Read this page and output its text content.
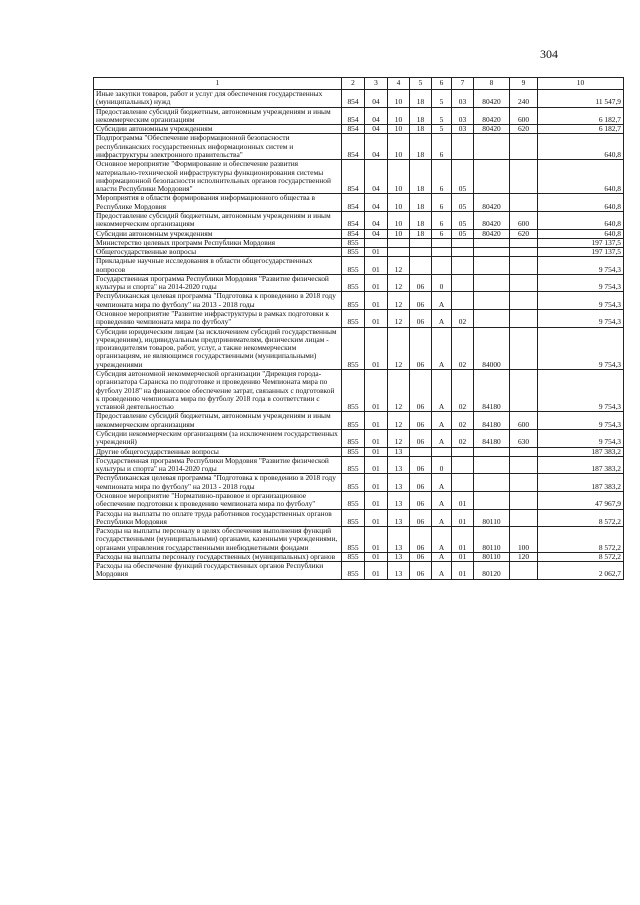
304
1	2	3	4	5	6	7	8	9	10
Иные закупки товаров, работ и услуг для обеспечения государственных (муниципальных) нужд	854	04	10	18	5	03	80420	240	11 547,9
Предоставление субсидий бюджетным, автономным учреждениям и иным некоммерческим организациям	854	04	10	18	5	03	80420	600	6 182,7
Субсидии автономным учреждениям	854	04	10	18	5	03	80420	620	6 182,7
Подпрограмма "Обеспечение информационной безопасности республиканских государственных информационных систем и инфраструктуры электронного правительства"	854	04	10	18	6				640,8
Основное мероприятие "Формирование и обеспечение развития материально-технической инфраструктуры функционирования системы информационной безопасности исполнительных органов государственной власти Республики Мордовия"	854	04	10	18	6	05			640,8
Мероприятия в области формирования информационного общества в Республике Мордовия	854	04	10	18	6	05	80420		640,8
Предоставление субсидий бюджетным, автономным учреждениям и иным некоммерческим организациям	854	04	10	18	6	05	80420	600	640,8
Субсидии автономным учреждениям	854	04	10	18	6	05	80420	620	640,8
Министерство целевых программ Республики Мордовия	855								197 137,5
Общегосударственные вопросы	855	01							197 137,5
Прикладные научные исследования в области общегосударственных вопросов	855	01	12						9 754,3
Государственная программа Республики Мордовия "Развитие физической культуры и спорта" на 2014-2020 годы	855	01	12	06	0				9 754,3
Республиканская целевая программа "Подготовка к проведению в 2018 году чемпионата мира по футболу" на 2013 - 2018 годы	855	01	12	06	А				9 754,3
Основное мероприятие "Развитие инфраструктуры в рамках подготовки к проведению чемпионата мира по футболу"	855	01	12	06	А	02			9 754,3
Субсидии юридическим лицам (за исключением субсидий государственным учреждениям), индивидуальным предпринимателям, физическим лицам - производителям товаров, работ, услуг, а также некоммерческим организациям, не являющимся государственными (муниципальными) учреждениями	855	01	12	06	А	02	84000		9 754,3
Субсидия автономной некоммерческой организации "Дирекция города-организатора Саранска по подготовке и проведению Чемпионата мира по футболу 2018" на финансовое обеспечение затрат, связанных с подготовкой к проведению чемпионата мира по футболу 2018 года в соответствии с уставной деятельностью	855	01	12	06	А	02	84180		9 754,3
Предоставление субсидий бюджетным, автономным учреждениям и иным некоммерческим организациям	855	01	12	06	А	02	84180	600	9 754,3
Субсидии некоммерческим организациям (за исключением государственных учреждений)	855	01	12	06	А	02	84180	630	9 754,3
Другие общегосударственные вопросы	855	01	13						187 383,2
Государственная программа Республики Мордовия "Развитие физической культуры и спорта" на 2014-2020 годы	855	01	13	06	0				187 383,2
Республиканская целевая программа "Подготовка к проведению в 2018 году чемпионата мира по футболу" на 2013 - 2018 годы	855	01	13	06	А				187 383,2
Основное мероприятие "Нормативно-правовое и организационное обеспечение подготовки к проведению чемпионата мира по футболу"	855	01	13	06	А	01			47 967,9
Расходы на выплаты по оплате труда работников государственных органов Республики Мордовия	855	01	13	06	А	01	80110		8 572,2
Расходы на выплаты персоналу в целях обеспечения выполнения функций государственными (муниципальными) органами, казенными учреждениями, органами управления государственными внебюджетными фондами	855	01	13	06	А	01	80110	100	8 572,2
Расходы на выплаты персоналу государственных (муниципальных) органов	855	01	13	06	А	01	80110	120	8 572,2
Расходы на обеспечение функций государственных органов Республики Мордовия	855	01	13	06	А	01	80120		2 062,7
